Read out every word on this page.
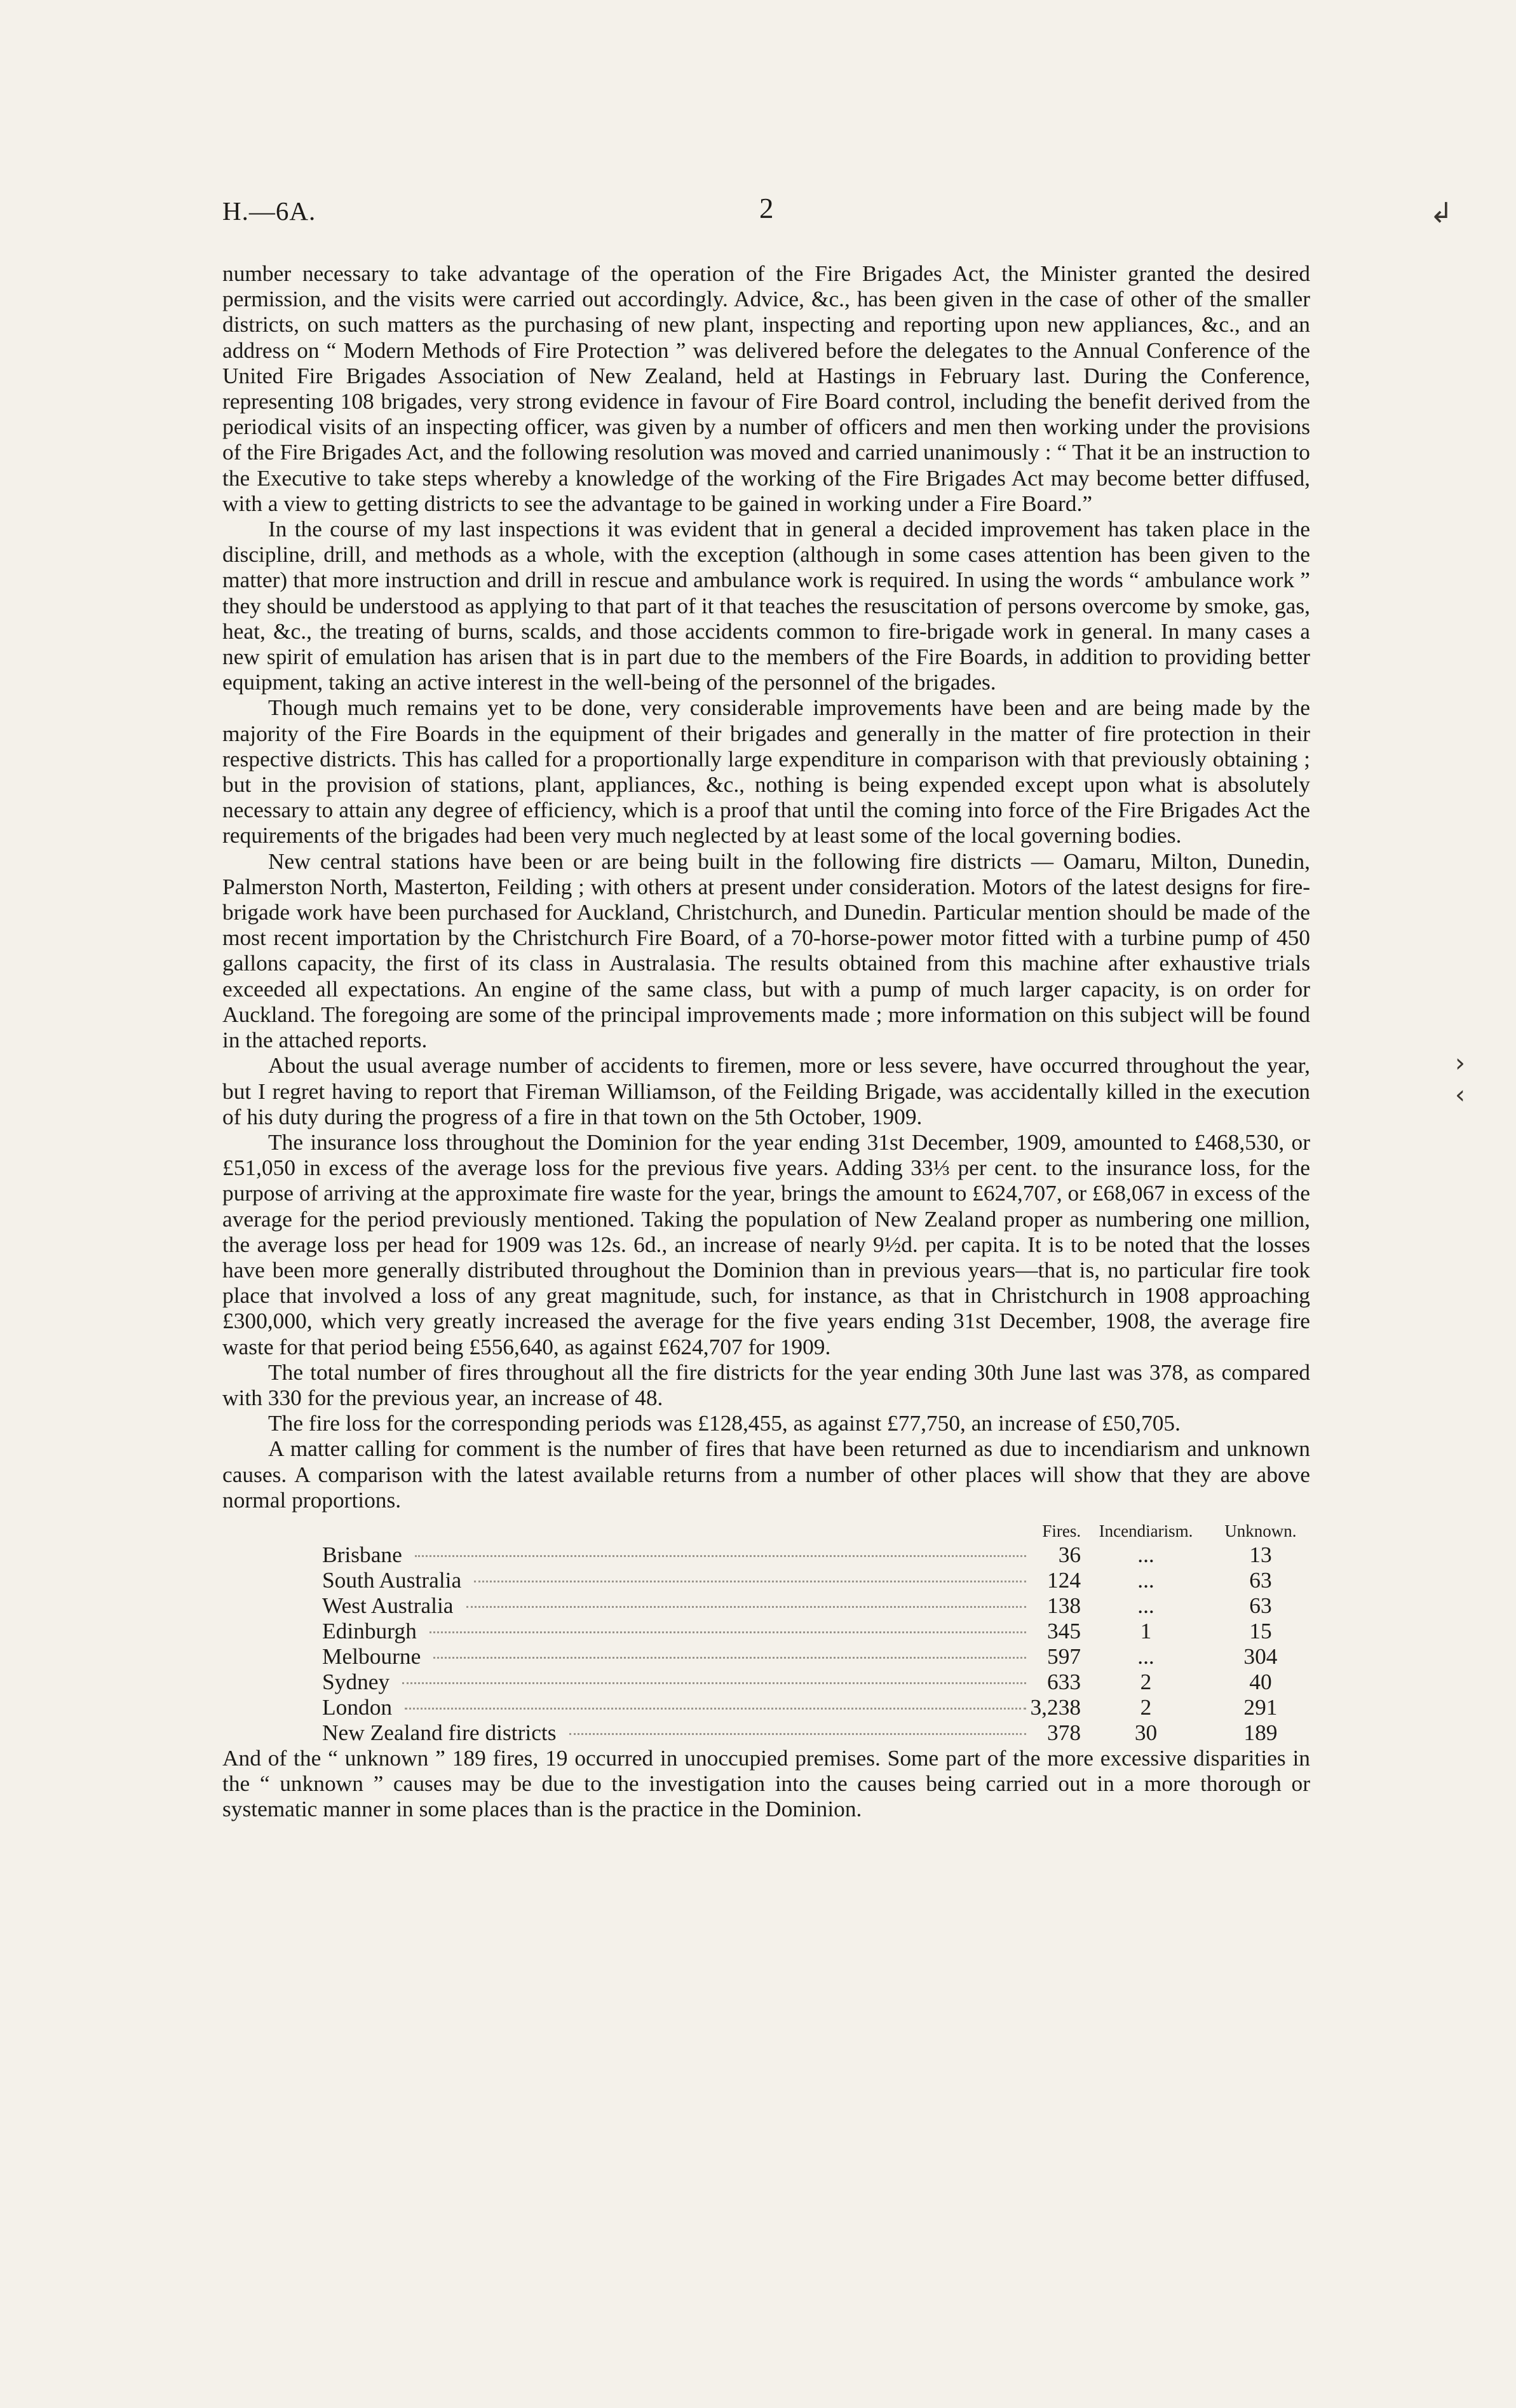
H.—6A.	2

number necessary to take advantage of the operation of the Fire Brigades Act, the Minister granted the desired permission, and the visits were carried out accordingly. Advice, &c., has been given in the case of other of the smaller districts, on such matters as the purchasing of new plant, inspecting and reporting upon new appliances, &c., and an address on “ Modern Methods of Fire Protection ” was delivered before the delegates to the Annual Conference of the United Fire Brigades Association of New Zealand, held at Hastings in February last. During the Conference, representing 108 brigades, very strong evidence in favour of Fire Board control, including the benefit derived from the periodical visits of an inspecting officer, was given by a number of officers and men then working under the provisions of the Fire Brigades Act, and the following resolution was moved and carried unanimously : “ That it be an instruction to the Executive to take steps whereby a knowledge of the working of the Fire Brigades Act may become better diffused, with a view to getting districts to see the advantage to be gained in working under a Fire Board.”

In the course of my last inspections it was evident that in general a decided improvement has taken place in the discipline, drill, and methods as a whole, with the exception (although in some cases attention has been given to the matter) that more instruction and drill in rescue and ambulance work is required. In using the words “ ambulance work ” they should be understood as applying to that part of it that teaches the resuscitation of persons overcome by smoke, gas, heat, &c., the treating of burns, scalds, and those accidents common to fire-brigade work in general. In many cases a new spirit of emulation has arisen that is in part due to the members of the Fire Boards, in addition to providing better equipment, taking an active interest in the well-being of the personnel of the brigades.

Though much remains yet to be done, very considerable improvements have been and are being made by the majority of the Fire Boards in the equipment of their brigades and generally in the matter of fire protection in their respective districts. This has called for a proportionally large expenditure in comparison with that previously obtaining ; but in the provision of stations, plant, appliances, &c., nothing is being expended except upon what is absolutely necessary to attain any degree of efficiency, which is a proof that until the coming into force of the Fire Brigades Act the requirements of the brigades had been very much neglected by at least some of the local governing bodies.

New central stations have been or are being built in the following fire districts — Oamaru, Milton, Dunedin, Palmerston North, Masterton, Feilding ; with others at present under consideration. Motors of the latest designs for fire-brigade work have been purchased for Auckland, Christchurch, and Dunedin. Particular mention should be made of the most recent importation by the Christchurch Fire Board, of a 70-horse-power motor fitted with a turbine pump of 450 gallons capacity, the first of its class in Australasia. The results obtained from this machine after exhaustive trials exceeded all expectations. An engine of the same class, but with a pump of much larger capacity, is on order for Auckland. The foregoing are some of the principal improvements made ; more information on this subject will be found in the attached reports.

About the usual average number of accidents to firemen, more or less severe, have occurred throughout the year, but I regret having to report that Fireman Williamson, of the Feilding Brigade, was accidentally killed in the execution of his duty during the progress of a fire in that town on the 5th October, 1909.

The insurance loss throughout the Dominion for the year ending 31st December, 1909, amounted to £468,530, or £51,050 in excess of the average loss for the previous five years. Adding 33⅓ per cent. to the insurance loss, for the purpose of arriving at the approximate fire waste for the year, brings the amount to £624,707, or £68,067 in excess of the average for the period previously mentioned. Taking the population of New Zealand proper as numbering one million, the average loss per head for 1909 was 12s. 6d., an increase of nearly 9½d. per capita. It is to be noted that the losses have been more generally distributed throughout the Dominion than in previous years—that is, no particular fire took place that involved a loss of any great magnitude, such, for instance, as that in Christchurch in 1908 approaching £300,000, which very greatly increased the average for the five years ending 31st December, 1908, the average fire waste for that period being £556,640, as against £624,707 for 1909.

The total number of fires throughout all the fire districts for the year ending 30th June last was 378, as compared with 330 for the previous year, an increase of 48.

The fire loss for the corresponding periods was £128,455, as against £77,750, an increase of £50,705.

A matter calling for comment is the number of fires that have been returned as due to incendiarism and unknown causes. A comparison with the latest available returns from a number of other places will show that they are above normal proportions.

	Fires.	Incendiarism.	Unknown.

Brisbane	36	...	13

South Australia	124	...	63

West Australia	138	...	63

Edinburgh	345	1	15

Melbourne	597	...	304

Sydney	633	2	40

London	3,238	2	291

New Zealand fire districts	378	30	189

And of the “ unknown ” 189 fires, 19 occurred in unoccupied premises. Some part of the more excessive disparities in the “ unknown ” causes may be due to the investigation into the causes being carried out in a more thorough or systematic manner in some places than is the practice in the Dominion.

↲
›
‹
